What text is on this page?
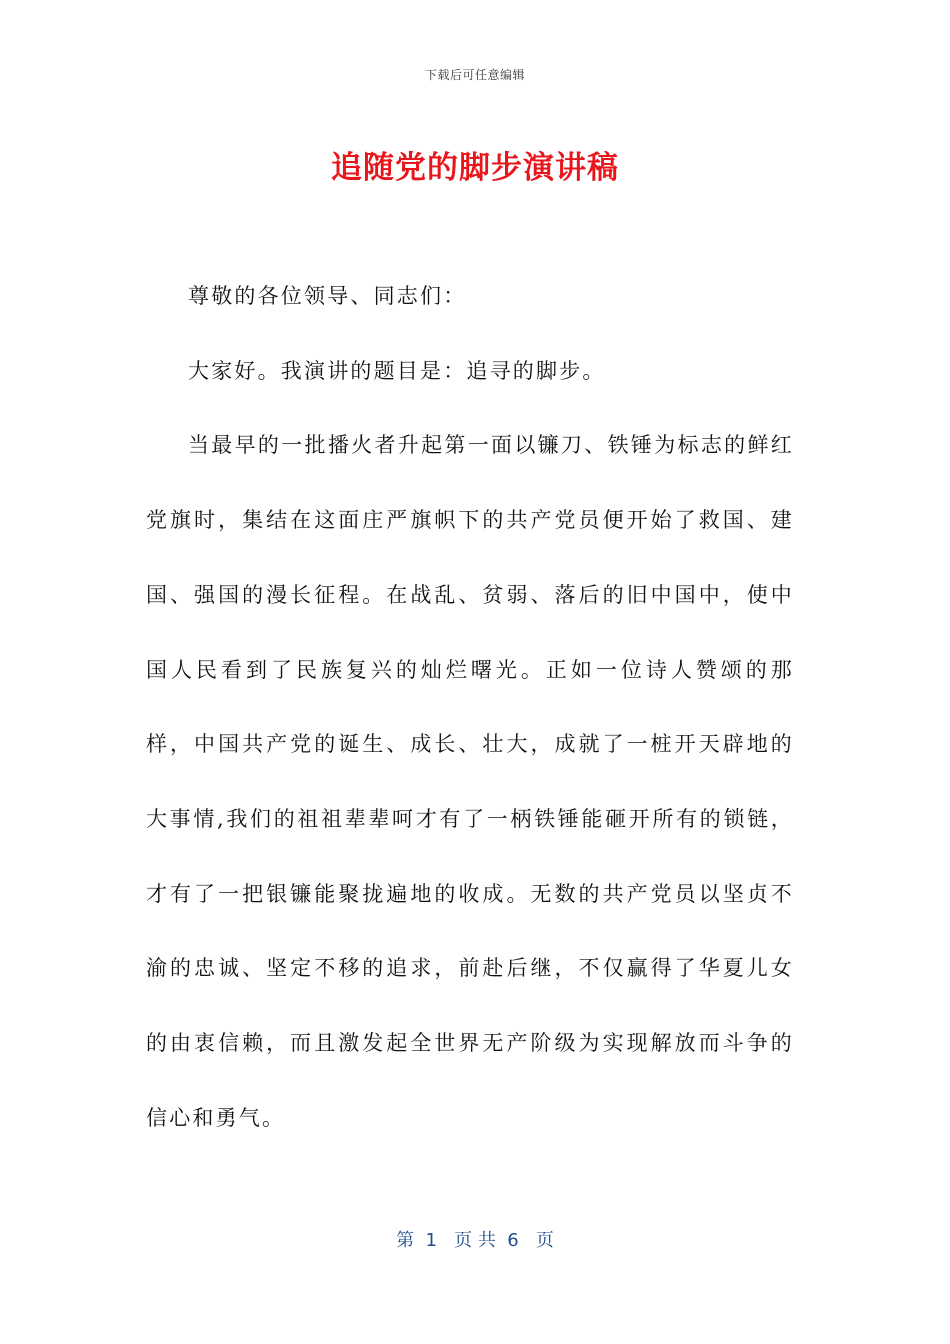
下载后可任意编辑
追随党的脚步演讲稿

尊敬的各位领导、同志们：

大家好。我演讲的题目是：追寻的脚步。

当最早的一批播火者升起第一面以镰刀、铁锤为标志的鲜红党旗时，集结在这面庄严旗帜下的共产党员便开始了救国、建国、强国的漫长征程。在战乱、贫弱、落后的旧中国中，使中国人民看到了民族复兴的灿烂曙光。正如一位诗人赞颂的那样，中国共产党的诞生、成长、壮大，成就了一桩开天辟地的大事情,我们的祖祖辈辈呵才有了一柄铁锤能砸开所有的锁链，才有了一把银镰能聚拢遍地的收成。无数的共产党员以坚贞不渝的忠诚、坚定不移的追求，前赴后继，不仅赢得了华夏儿女的由衷信赖，而且激发起全世界无产阶级为实现解放而斗争的信心和勇气。

第  1   页 共  6   页
